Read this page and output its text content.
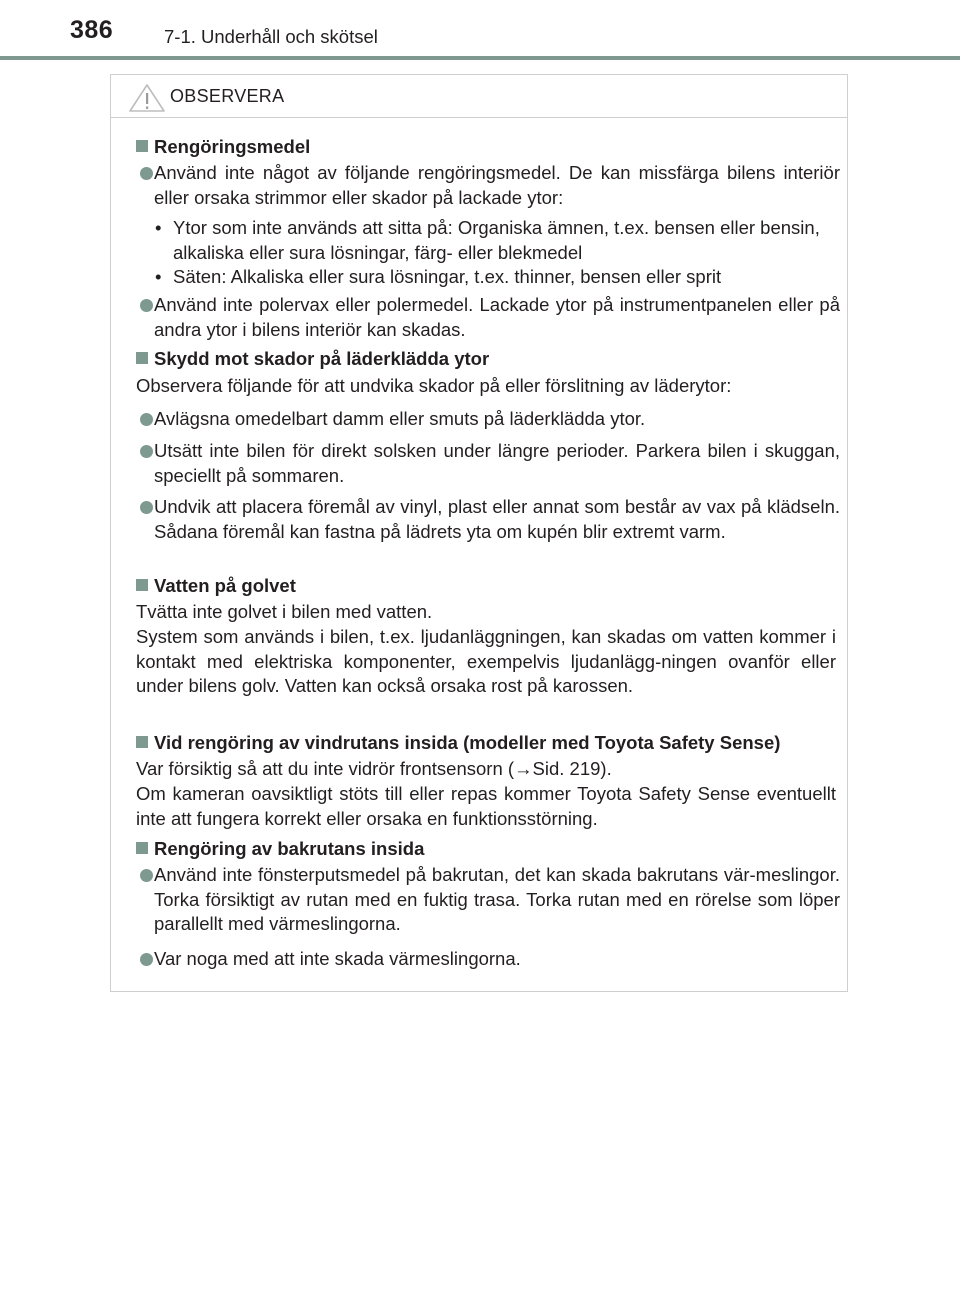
386	7-1. Underhåll och skötsel
OBSERVERA
Rengöringsmedel
Använd inte något av följande rengöringsmedel. De kan missfärga bilens interiör eller orsaka strimmor eller skador på lackade ytor:
• Ytor som inte används att sitta på: Organiska ämnen, t.ex. bensen eller bensin, alkaliska eller sura lösningar, färg- eller blekmedel
• Säten: Alkaliska eller sura lösningar, t.ex. thinner, bensen eller sprit
Använd inte polervax eller polermedel. Lackade ytor på instrumentpanelen eller på andra ytor i bilens interiör kan skadas.
Skydd mot skador på läderklädda ytor
Observera följande för att undvika skador på eller förslitning av läderytor:
Avlägsna omedelbart damm eller smuts på läderklädda ytor.
Utsätt inte bilen för direkt solsken under längre perioder. Parkera bilen i skuggan, speciellt på sommaren.
Undvik att placera föremål av vinyl, plast eller annat som består av vax på klädseln. Sådana föremål kan fastna på lädrets yta om kupén blir extremt varm.
Vatten på golvet
Tvätta inte golvet i bilen med vatten.
System som används i bilen, t.ex. ljudanläggningen, kan skadas om vatten kommer i kontakt med elektriska komponenter, exempelvis ljudanlägg-ningen ovanför eller under bilens golv. Vatten kan också orsaka rost på karossen.
Vid rengöring av vindrutans insida (modeller med Toyota Safety Sense)
Var försiktig så att du inte vidrör frontsensorn (→Sid. 219).
Om kameran oavsiktligt stöts till eller repas kommer Toyota Safety Sense eventuellt inte att fungera korrekt eller orsaka en funktionsstörning.
Rengöring av bakrutans insida
Använd inte fönsterputsmedel på bakrutan, det kan skada bakrutans vär-meslingor. Torka försiktigt av rutan med en fuktig trasa. Torka rutan med en rörelse som löper parallellt med värmeslingorna.
Var noga med att inte skada värmeslingorna.
